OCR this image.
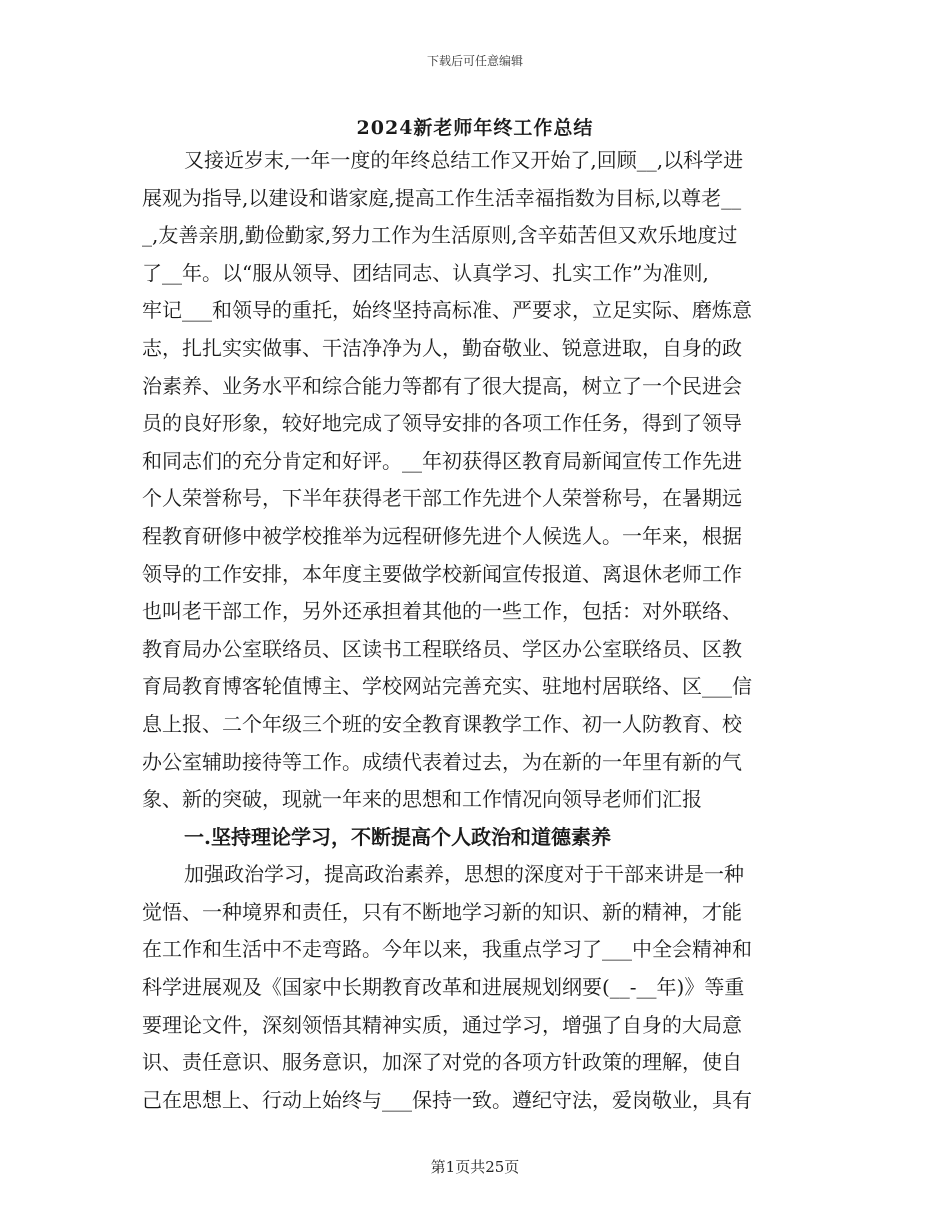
下载后可任意编辑
2024新老师年终工作总结
又接近岁末,一年一度的年终总结工作又开始了,回顾__,以科学进
展观为指导,以建设和谐家庭,提高工作生活幸福指数为目标,以尊老__
_,友善亲朋,勤俭勤家,努力工作为生活原则,含辛茹苦但又欢乐地度过
了__年。以“服从领导、团结同志、认真学习、扎实工作”为准则,
牢记___和领导的重托，始终坚持高标准、严要求，立足实际、磨炼意
志，扎扎实实做事、干洁净净为人，勤奋敬业、锐意进取，自身的政
治素养、业务水平和综合能力等都有了很大提高，树立了一个民进会
员的良好形象，较好地完成了领导安排的各项工作任务，得到了领导
和同志们的充分肯定和好评。__年初获得区教育局新闻宣传工作先进
个人荣誉称号，下半年获得老干部工作先进个人荣誉称号，在暑期远
程教育研修中被学校推举为远程研修先进个人候选人。一年来，根据
领导的工作安排，本年度主要做学校新闻宣传报道、离退休老师工作
也叫老干部工作，另外还承担着其他的一些工作，包括：对外联络、
教育局办公室联络员、区读书工程联络员、学区办公室联络员、区教
育局教育博客轮值博主、学校网站完善充实、驻地村居联络、区___信
息上报、二个年级三个班的安全教育课教学工作、初一人防教育、校
办公室辅助接待等工作。成绩代表着过去，为在新的一年里有新的气
象、新的突破，现就一年来的思想和工作情况向领导老师们汇报
一.坚持理论学习，不断提高个人政治和道德素养
加强政治学习，提高政治素养，思想的深度对于干部来讲是一种
觉悟、一种境界和责任，只有不断地学习新的知识、新的精神，才能
在工作和生活中不走弯路。今年以来，我重点学习了___中全会精神和
科学进展观及《国家中长期教育改革和进展规划纲要(__-__年)》等重
要理论文件，深刻领悟其精神实质，通过学习，增强了自身的大局意
识、责任意识、服务意识，加深了对党的各项方针政策的理解，使自
己在思想上、行动上始终与___保持一致。遵纪守法，爱岗敬业，具有
第1页共25页
